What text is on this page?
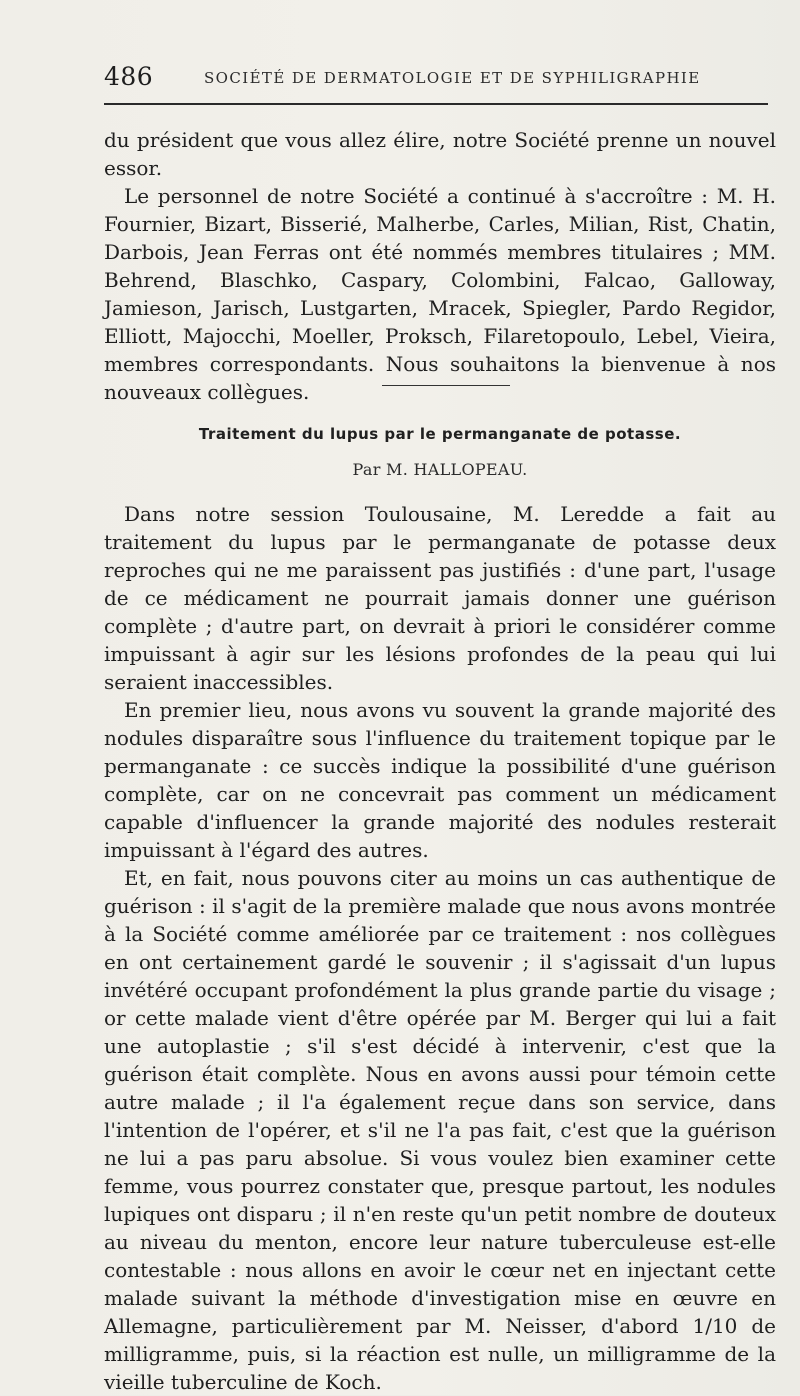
486	SOCIÉTÉ DE DERMATOLOGIE ET DE SYPHILIGRAPHIE

du président que vous allez élire, notre Société prenne un nouvel essor.

Le personnel de notre Société a continué à s'accroître : M. H. Fournier, Bizart, Bisserié, Malherbe, Carles, Milian, Rist, Chatin, Darbois, Jean Ferras ont été nommés membres titulaires ; MM. Behrend, Blaschko, Caspary, Colombini, Falcao, Galloway, Jamieson, Jarisch, Lustgarten, Mracek, Spiegler, Pardo Regidor, Elliott, Majocchi, Moeller, Proksch, Filaretopoulo, Lebel, Vieira, membres correspondants. Nous souhaitons la bienvenue à nos nouveaux collègues.

Traitement du lupus par le permanganate de potasse.
Par M. HALLOPEAU.

Dans notre session Toulousaine, M. Leredde a fait au traitement du lupus par le permanganate de potasse deux reproches qui ne me paraissent pas justifiés : d'une part, l'usage de ce médicament ne pourrait jamais donner une guérison complète ; d'autre part, on devrait à priori le considérer comme impuissant à agir sur les lésions profondes de la peau qui lui seraient inaccessibles.

En premier lieu, nous avons vu souvent la grande majorité des nodules disparaître sous l'influence du traitement topique par le permanganate : ce succès indique la possibilité d'une guérison complète, car on ne concevrait pas comment un médicament capable d'influencer la grande majorité des nodules resterait impuissant à l'égard des autres.

Et, en fait, nous pouvons citer au moins un cas authentique de guérison : il s'agit de la première malade que nous avons montrée à la Société comme améliorée par ce traitement : nos collègues en ont certainement gardé le souvenir ; il s'agissait d'un lupus invétéré occupant profondément la plus grande partie du visage ; or cette malade vient d'être opérée par M. Berger qui lui a fait une autoplastie ; s'il s'est décidé à intervenir, c'est que la guérison était complète. Nous en avons aussi pour témoin cette autre malade ; il l'a également reçue dans son service, dans l'intention de l'opérer, et s'il ne l'a pas fait, c'est que la guérison ne lui a pas paru absolue. Si vous voulez bien examiner cette femme, vous pourrez constater que, presque partout, les nodules lupiques ont disparu ; il n'en reste qu'un petit nombre de douteux au niveau du menton, encore leur nature tuberculeuse est-elle contestable : nous allons en avoir le cœur net en injectant cette malade suivant la méthode d'investigation mise en œuvre en Allemagne, particulièrement par M. Neisser, d'abord 1/10 de milligramme, puis, si la réaction est nulle, un milligramme de la vieille tuberculine de Koch.
